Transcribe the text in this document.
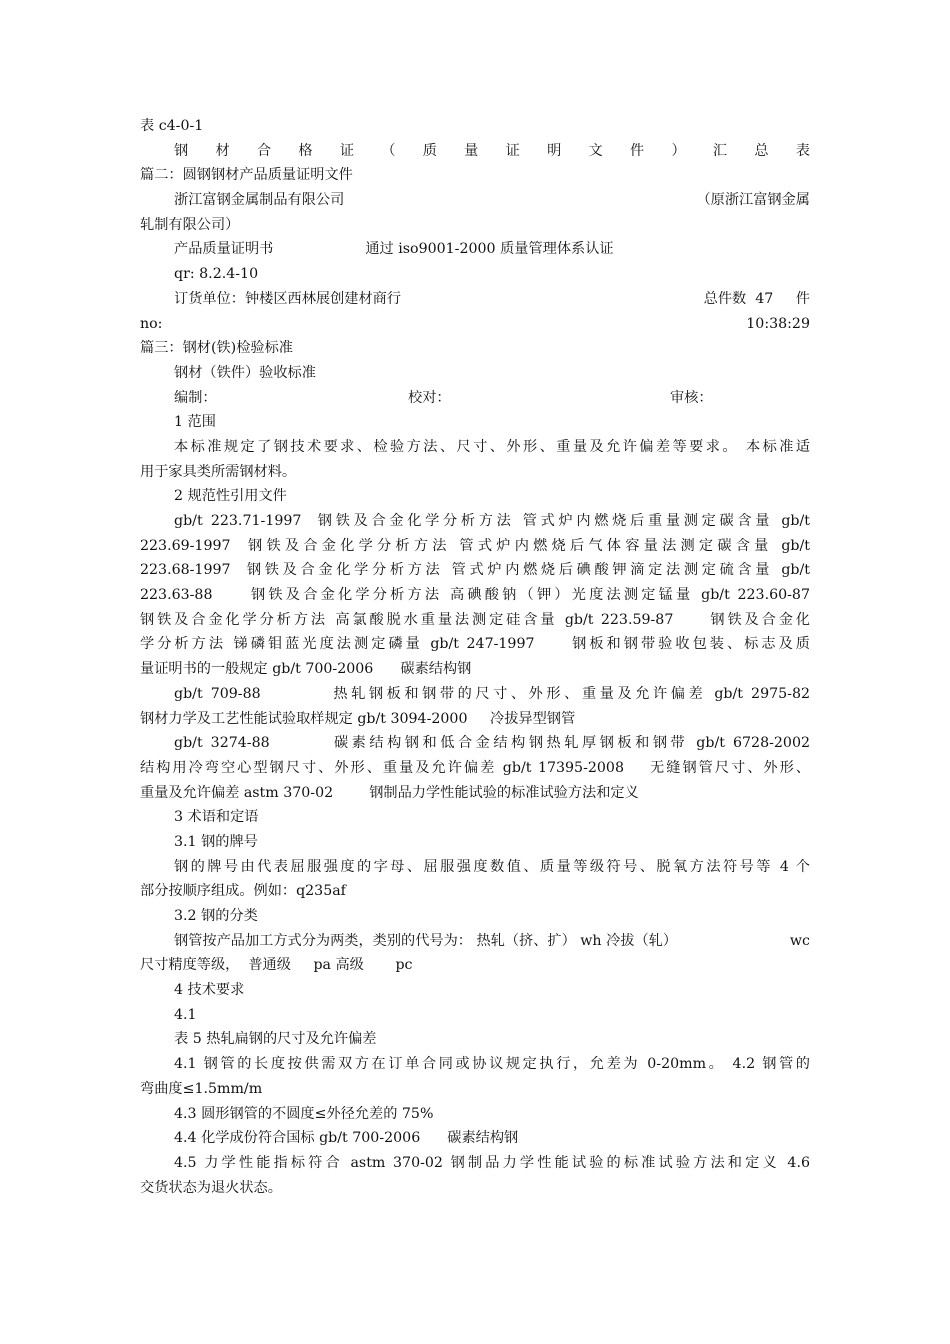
表 c4-0-1
钢 材 合 格 证 （ 质 量 证 明 文 件 ） 汇 总 表
篇二：圆钢钢材产品质量证明文件
浙江富钢金属制品有限公司	（原浙江富钢金属
轧制有限公司）
产品质量证明书	通过 iso9001-2000 质量管理体系认证
qr: 8.2.4-10
订货单位：钟楼区西林展创建材商行	总件数  47     件
no:	10:38:29
篇三：钢材(铁)检验标准
钢材（铁件）验收标准
编制：	校对：	审核：
1 范围
本标准规定了钢技术要求、检验方法、尺寸、外形、重量及允许偏差等要求。 本标准适
用于家具类所需钢材料。
2 规范性引用文件
gb/t 223.71-1997  钢铁及合金化学分析方法 管式炉内燃烧后重量测定碳含量 gb/t
223.69-1997  钢铁及合金化学分析方法 管式炉内燃烧后气体容量法测定碳含量 gb/t
223.68-1997  钢铁及合金化学分析方法 管式炉内燃烧后碘酸钾滴定法测定硫含量 gb/t
223.63-88     钢铁及合金化学分析方法 高碘酸钠（钾）光度法测定锰量 gb/t 223.60-87
钢铁及合金化学分析方法 高氯酸脱水重量法测定硅含量 gb/t 223.59-87     钢铁及合金化
学分析方法 锑磷钼蓝光度法测定磷量 gb/t 247-1997     钢板和钢带验收包装、标志及质
量证明书的一般规定 gb/t 700-2006      碳素结构钢
gb/t 709-88         热轧钢板和钢带的尺寸、外形、重量及允许偏差 gb/t 2975-82
钢材力学及工艺性能试验取样规定 gb/t 3094-2000     冷拔异型钢管
gb/t 3274-88        碳素结构钢和低合金结构钢热轧厚钢板和钢带 gb/t 6728-2002
结构用冷弯空心型钢尺寸、外形、重量及允许偏差 gb/t 17395-2008    无缝钢管尺寸、外形、
重量及允许偏差 astm 370-02        钢制品力学性能试验的标准试验方法和定义
3 术语和定语
3.1 钢的牌号
钢的牌号由代表屈服强度的字母、屈服强度数值、质量等级符号、脱氧方法符号等 4 个
部分按顺序组成。例如：q235af
3.2 钢的分类
钢管按产品加工方式分为两类，类别的代号为： 热轧（挤、扩） wh 冷拔（轧）	wc
尺寸精度等级，  普通级     pa 高级       pc
4 技术要求
4.1
表 5 热轧扁钢的尺寸及允许偏差
4.1 钢管的长度按供需双方在订单合同或协议规定执行，允差为 0-20mm。 4.2 钢管的
弯曲度≤1.5mm/m
4.3 圆形钢管的不圆度≤外径允差的 75%
4.4 化学成份符合国标 gb/t 700-2006      碳素结构钢
4.5 力学性能指标符合 astm 370-02 钢制品力学性能试验的标准试验方法和定义 4.6
交货状态为退火状态。
